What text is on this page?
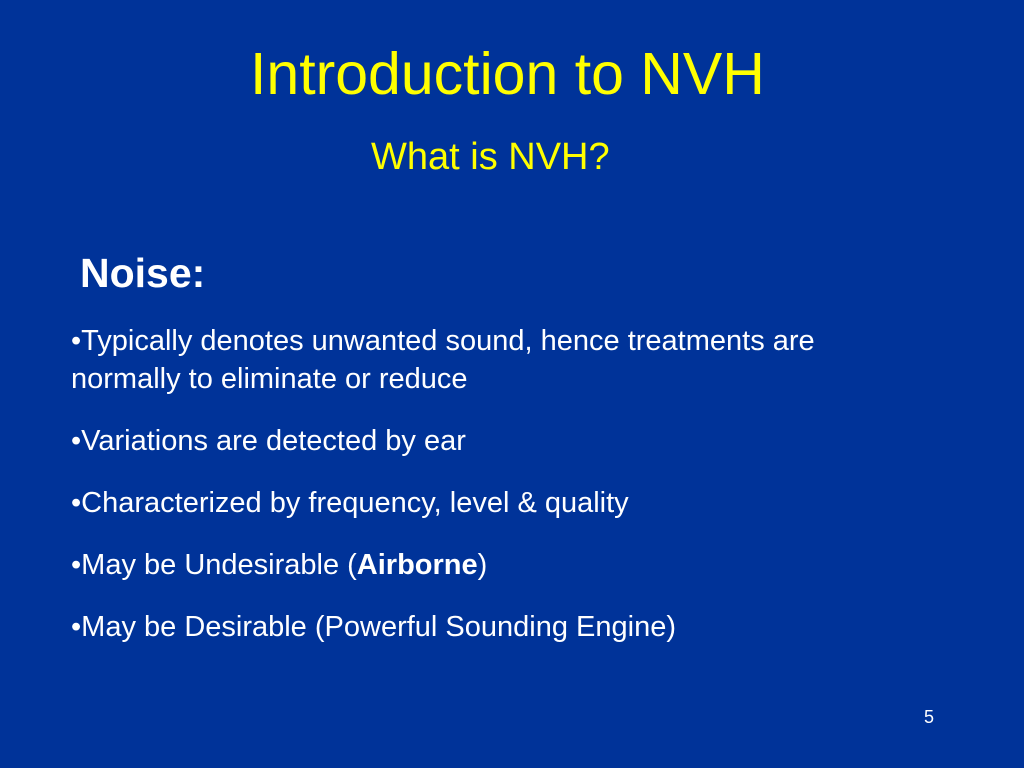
Introduction to NVH
What is NVH?
Noise:
•Typically denotes unwanted sound, hence treatments are normally to eliminate or reduce
•Variations are detected by ear
•Characterized by frequency, level & quality
•May be Undesirable (Airborne)
•May be Desirable (Powerful Sounding Engine)
5
